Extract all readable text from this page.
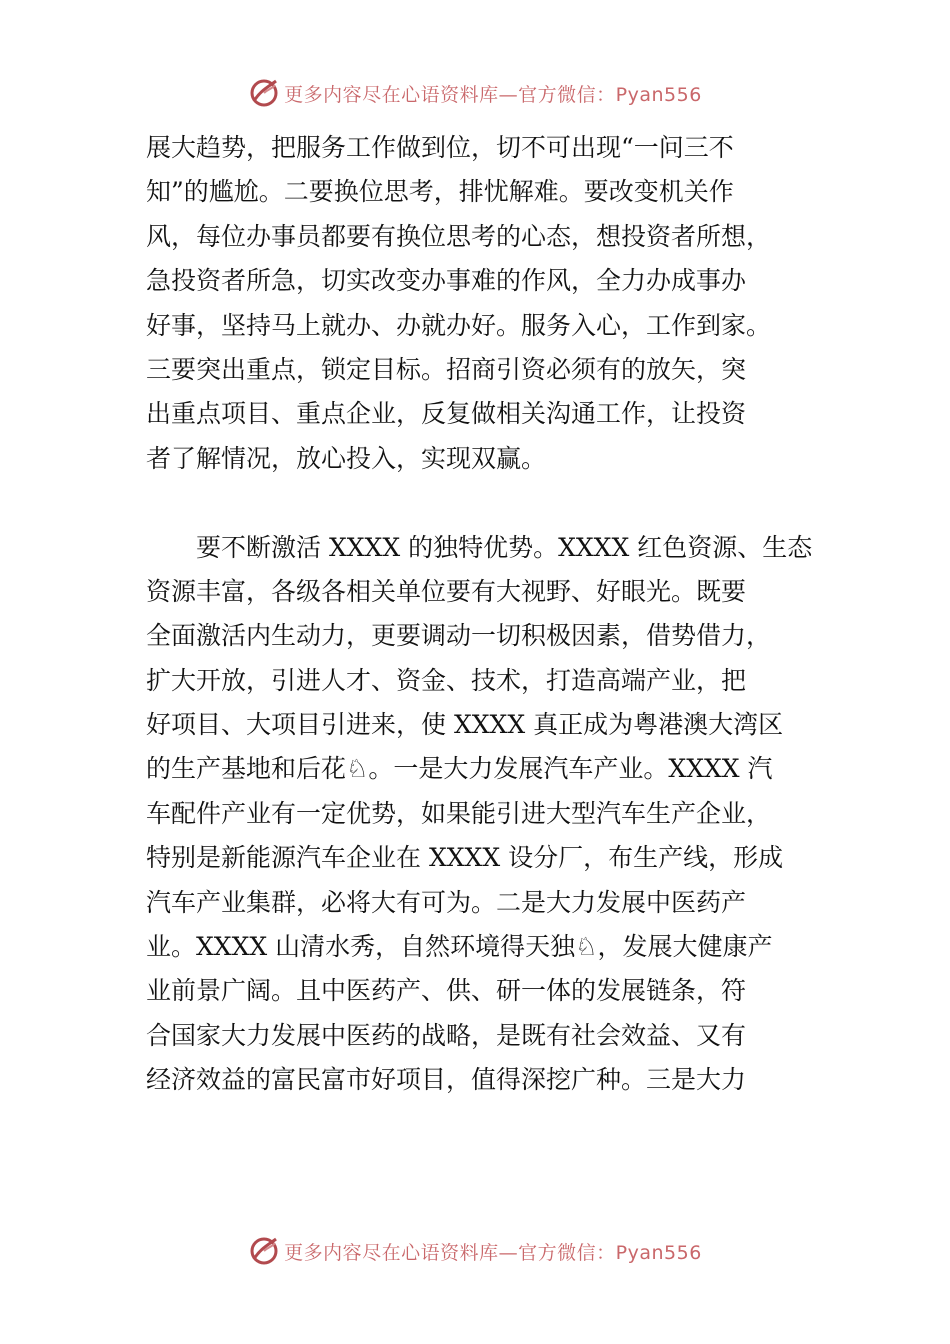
更多内容尽在心语资料库—官方微信：Pyan556
展大趋势，把服务工作做到位，切不可出现“一问三不
知”的尴尬。二要换位思考，排忧解难。要改变机关作
风，每位办事员都要有换位思考的心态，想投资者所想，
急投资者所急，切实改变办事难的作风，全力办成事办
好事，坚持马上就办、办就办好。服务入心，工作到家。
三要突出重点，锁定目标。招商引资必须有的放矢，突
出重点项目、重点企业，反复做相关沟通工作，让投资
者了解情况，放心投入，实现双赢。
　　要不断激活 XXXX 的独特优势。XXXX 红色资源、生态
资源丰富，各级各相关单位要有大视野、好眼光。既要
全面激活内生动力，更要调动一切积极因素，借势借力，
扩大开放，引进人才、资金、技术，打造高端产业，把
好项目、大项目引进来，使 XXXX 真正成为粤港澳大湾区
的生产基地和后花♘。一是大力发展汽车产业。XXXX 汽
车配件产业有一定优势，如果能引进大型汽车生产企业，
特别是新能源汽车企业在 XXXX 设分厂，布生产线，形成
汽车产业集群，必将大有可为。二是大力发展中医药产
业。XXXX 山清水秀，自然环境得天独♘，发展大健康产
业前景广阔。且中医药产、供、研一体的发展链条，符
合国家大力发展中医药的战略，是既有社会效益、又有
经济效益的富民富市好项目，值得深挖广种。三是大力
更多内容尽在心语资料库—官方微信：Pyan556
